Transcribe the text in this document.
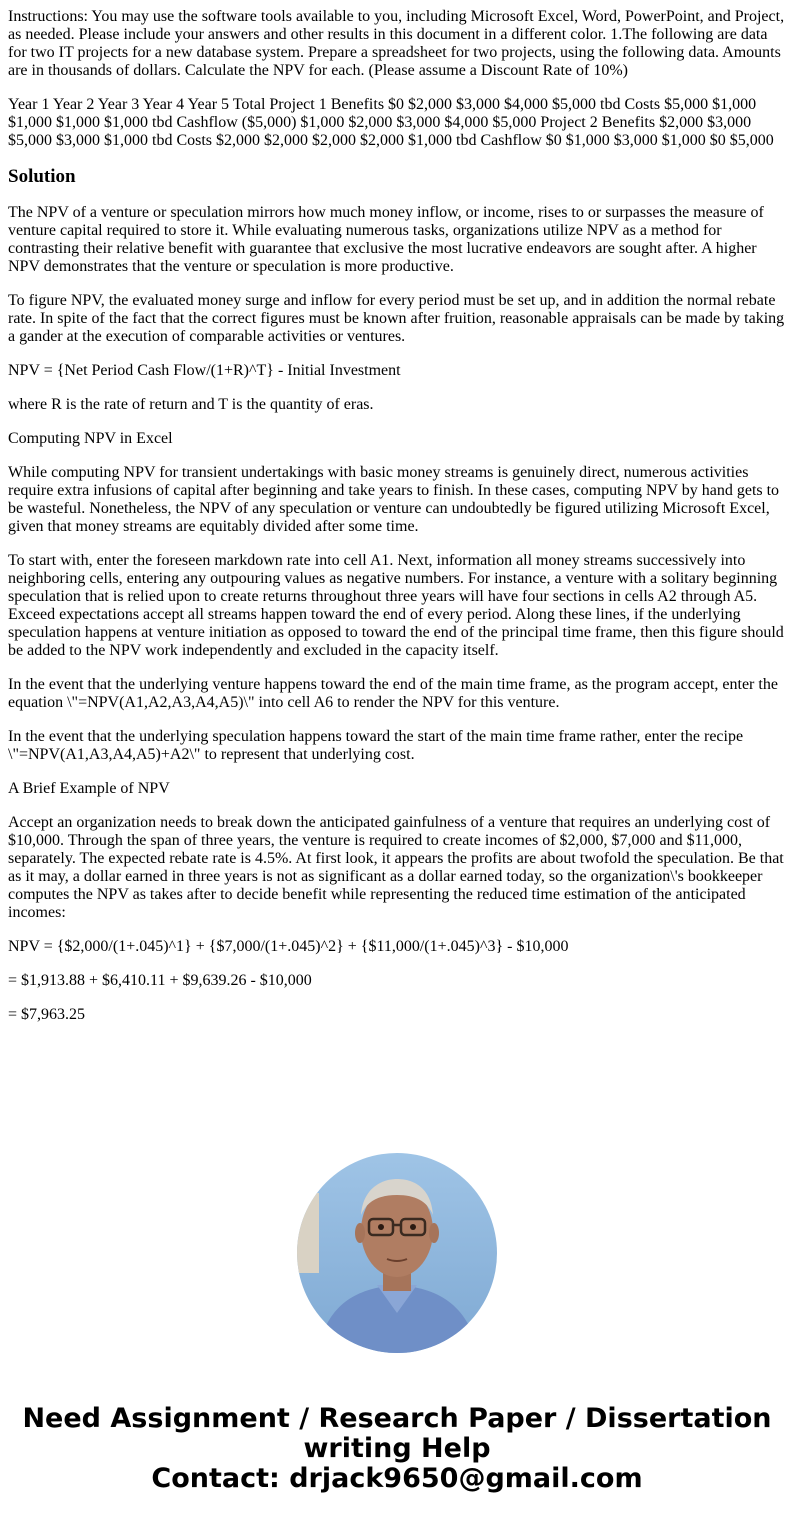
Instructions: You may use the software tools available to you, including Microsoft Excel, Word, PowerPoint, and Project, as needed. Please include your answers and other results in this document in a different color. 1.The following are data for two IT projects for a new database system. Prepare a spreadsheet for two projects, using the following data. Amounts are in thousands of dollars. Calculate the NPV for each. (Please assume a Discount Rate of 10%)

Year 1 Year 2 Year 3 Year 4 Year 5 Total Project 1 Benefits $0 $2,000 $3,000 $4,000 $5,000 tbd Costs $5,000 $1,000 $1,000 $1,000 $1,000 tbd Cashflow ($5,000) $1,000 $2,000 $3,000 $4,000 $5,000 Project 2 Benefits $2,000 $3,000 $5,000 $3,000 $1,000 tbd Costs $2,000 $2,000 $2,000 $2,000 $1,000 tbd Cashflow $0 $1,000 $3,000 $1,000 $0 $5,000

Solution

The NPV of a venture or speculation mirrors how much money inflow, or income, rises to or surpasses the measure of venture capital required to store it. While evaluating numerous tasks, organizations utilize NPV as a method for contrasting their relative benefit with guarantee that exclusive the most lucrative endeavors are sought after. A higher NPV demonstrates that the venture or speculation is more productive.

To figure NPV, the evaluated money surge and inflow for every period must be set up, and in addition the normal rebate rate. In spite of the fact that the correct figures must be known after fruition, reasonable appraisals can be made by taking a gander at the execution of comparable activities or ventures.

NPV = {Net Period Cash Flow/(1+R)^T} - Initial Investment

where R is the rate of return and T is the quantity of eras.

Computing NPV in Excel

While computing NPV for transient undertakings with basic money streams is genuinely direct, numerous activities require extra infusions of capital after beginning and take years to finish. In these cases, computing NPV by hand gets to be wasteful. Nonetheless, the NPV of any speculation or venture can undoubtedly be figured utilizing Microsoft Excel, given that money streams are equitably divided after some time.

To start with, enter the foreseen markdown rate into cell A1. Next, information all money streams successively into neighboring cells, entering any outpouring values as negative numbers. For instance, a venture with a solitary beginning speculation that is relied upon to create returns throughout three years will have four sections in cells A2 through A5. Exceed expectations accept all streams happen toward the end of every period. Along these lines, if the underlying speculation happens at venture initiation as opposed to toward the end of the principal time frame, then this figure should be added to the NPV work independently and excluded in the capacity itself.

In the event that the underlying venture happens toward the end of the main time frame, as the program accept, enter the equation \"=NPV(A1,A2,A3,A4,A5)\" into cell A6 to render the NPV for this venture.

In the event that the underlying speculation happens toward the start of the main time frame rather, enter the recipe \"=NPV(A1,A3,A4,A5)+A2\" to represent that underlying cost.

A Brief Example of NPV

Accept an organization needs to break down the anticipated gainfulness of a venture that requires an underlying cost of $10,000. Through the span of three years, the venture is required to create incomes of $2,000, $7,000 and $11,000, separately. The expected rebate rate is 4.5%. At first look, it appears the profits are about twofold the speculation. Be that as it may, a dollar earned in three years is not as significant as a dollar earned today, so the organization\'s bookkeeper computes the NPV as takes after to decide benefit while representing the reduced time estimation of the anticipated incomes:

NPV = {$2,000/(1+.045)^1} + {$7,000/(1+.045)^2} + {$11,000/(1+.045)^3} - $10,000

= $1,913.88 + $6,410.11 + $9,639.26 - $10,000

= $7,963.25

Need Assignment / Research Paper / Dissertation
writing Help
Contact: drjack9650@gmail.com
